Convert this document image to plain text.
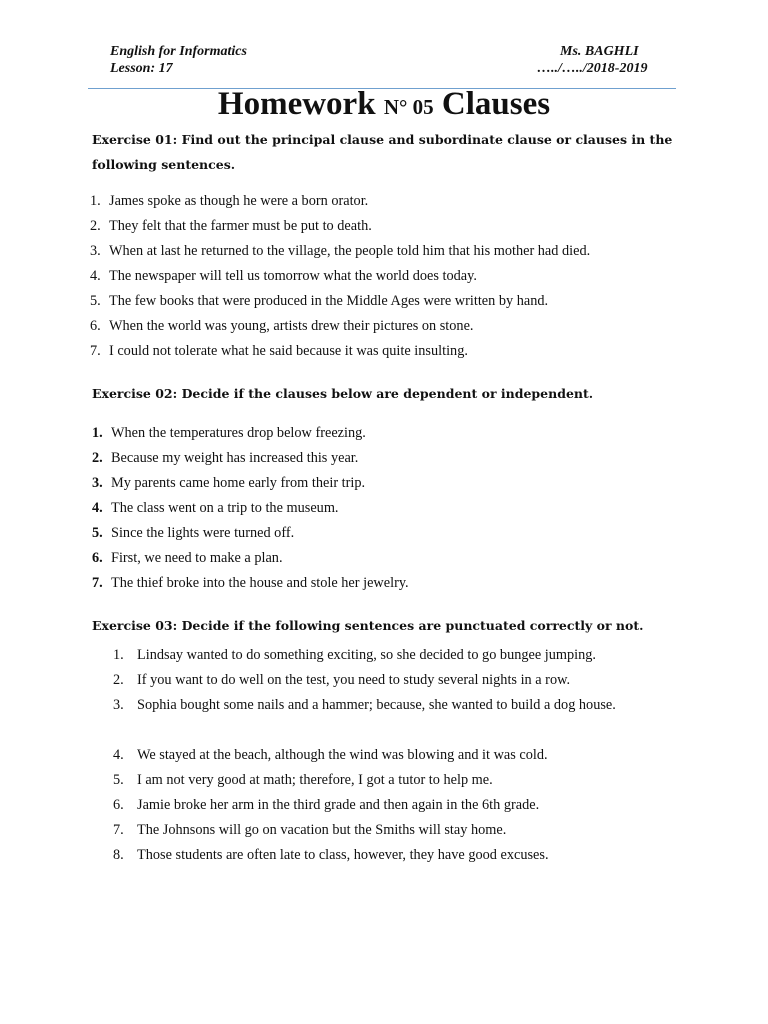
English for Informatics
Lesson: 17
Ms. BAGHLI
…../…../2018-2019
Homework N° 05 Clauses
Exercise 01: Find out the principal clause and subordinate clause or clauses in the
following sentences.
1. James spoke as though he were a born orator.
2. They felt that the farmer must be put to death.
3. When at last he returned to the village, the people told him that his mother had died.
4. The newspaper will tell us tomorrow what the world does today.
5. The few books that were produced in the Middle Ages were written by hand.
6. When the world was young, artists drew their pictures on stone.
7. I could not tolerate what he said because it was quite insulting.
Exercise 02: Decide if the clauses below are dependent or independent.
1. When the temperatures drop below freezing.
2. Because my weight has increased this year.
3. My parents came home early from their trip.
4. The class went on a trip to the museum.
5. Since the lights were turned off.
6. First, we need to make a plan.
7. The thief broke into the house and stole her jewelry.
Exercise 03: Decide if the following sentences are punctuated correctly or not.
1. Lindsay wanted to do something exciting, so she decided to go bungee jumping.
2. If you want to do well on the test, you need to study several nights in a row.
3. Sophia bought some nails and a hammer; because, she wanted to build a dog house.
4. We stayed at the beach, although the wind was blowing and it was cold.
5. I am not very good at math; therefore, I got a tutor to help me.
6. Jamie broke her arm in the third grade and then again in the 6th grade.
7. The Johnsons will go on vacation but the Smiths will stay home.
8. Those students are often late to class, however, they have good excuses.
